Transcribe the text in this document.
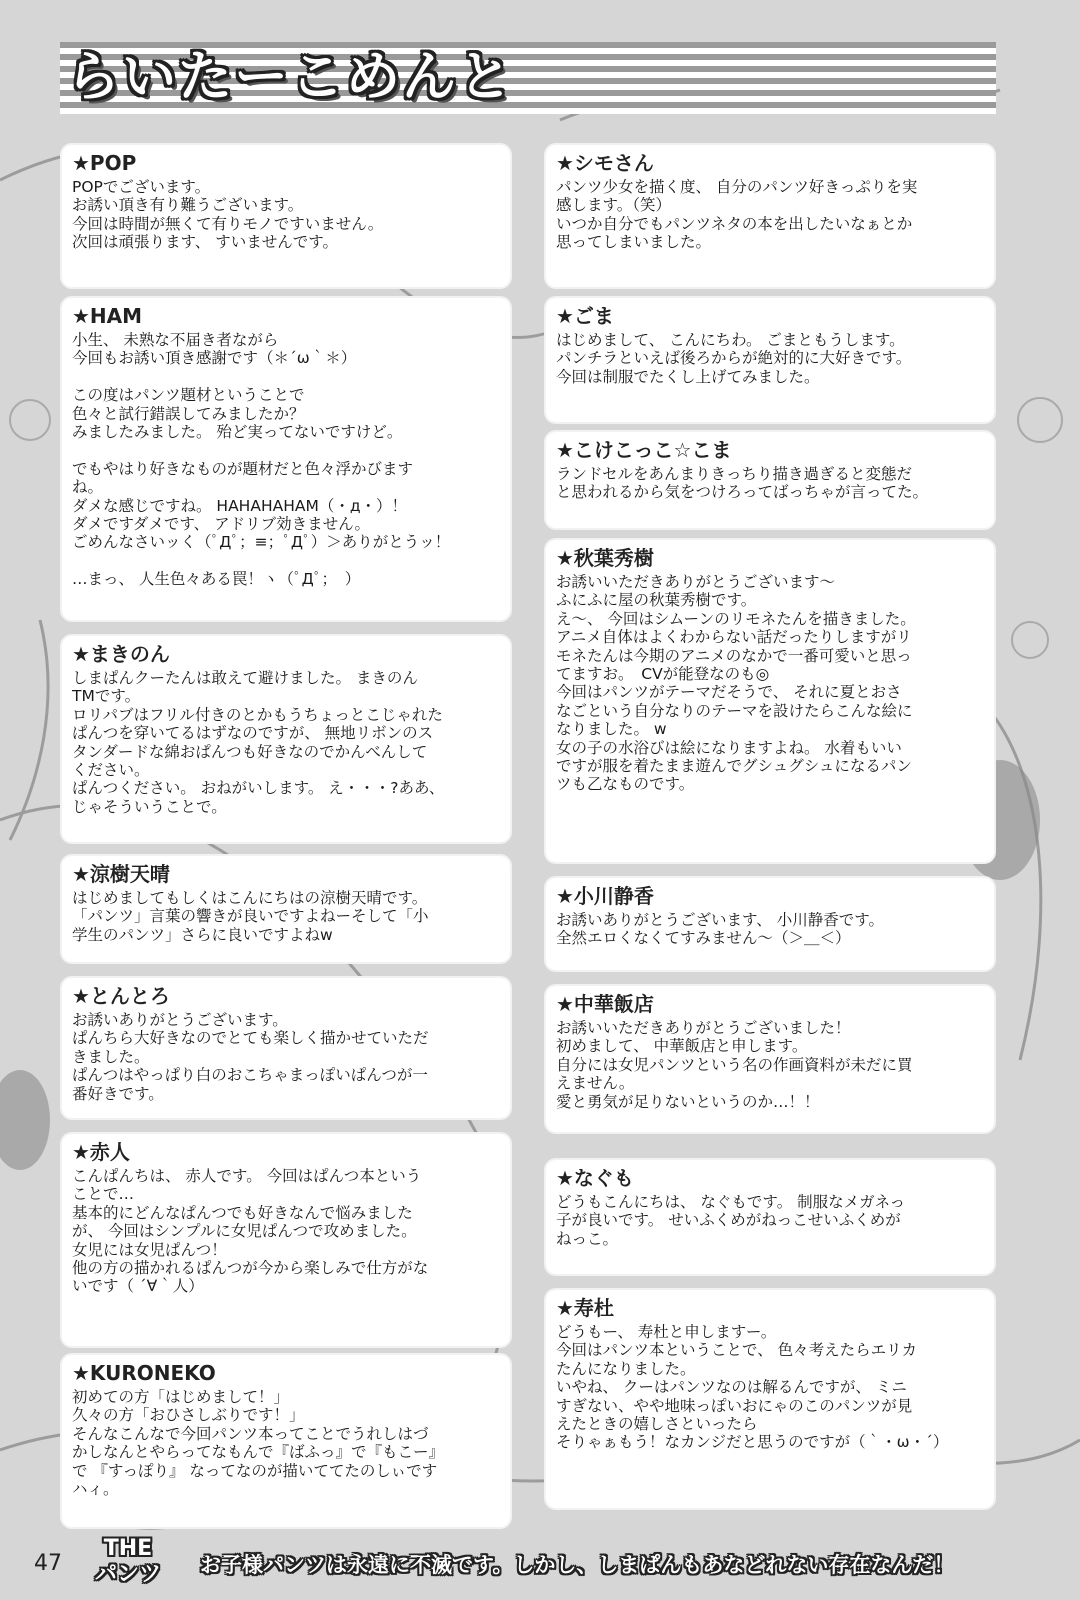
らいたーこめんと
★POP

POPでございます。
お誘い頂き有り難うございます。
今回は時間が無くて有りモノですいません。
次回は頑張ります、 すいませんです。

★HAM

小生、 未熟な不届き者ながら
今回もお誘い頂き感謝です（＊´ω｀＊）

この度はパンツ題材ということで
色々と試行錯誤してみましたか？
みましたみました。 殆ど実ってないですけど。

でもやはり好きなものが題材だと色々浮かびます
ね。
ダメな感じですね。 HAHAHAHAM（・д・）！
ダメですダメです、 アドリブ効きません。
ごめんなさいッく（ﾟДﾟ；≡；ﾟДﾟ）＞ありがとうッ！

…まっ、 人生色々ある罠！ヽ（ﾟДﾟ；　）

★まきのん

しまぱんクーたんは敢えて避けました。 まきのん
TMです。
ロリパブはフリル付きのとかもうちょっとこじゃれた
ぱんつを穿いてるはずなのですが、 無地リボンのス
タンダードな綿おぱんつも好きなのでかんべんして
ください。
ぱんつください。 おねがいします。 え・・・?ああ、
じゃそういうことで。

★涼樹天晴

はじめましてもしくはこんにちはの涼樹天晴です。
「パンツ」言葉の響きが良いですよねーそして「小
学生のパンツ」さらに良いですよねw

★とんとろ

お誘いありがとうございます。
ぱんちら大好きなのでとても楽しく描かせていただ
きました。
ぱんつはやっぱり白のおこちゃまっぽいぱんつが一
番好きです。

★赤人

こんぱんちは、 赤人です。 今回はぱんつ本という
ことで…
基本的にどんなぱんつでも好きなんで悩みました
が、 今回はシンプルに女児ぱんつで攻めました。
女児には女児ぱんつ！
他の方の描かれるぱんつが今から楽しみで仕方がな
いです（ ´∀｀人）

★KURONEKO

初めての方「はじめまして！」
久々の方「おひさしぶりです！」
そんなこんなで今回パンツ本ってことでうれしはづ
かしなんとやらってなもんで『ばふっ』で『もこー』
で 『すっぽり』 なってなのが描いててたのしぃです
ハィ。

★シモさん

パンツ少女を描く度、 自分のパンツ好きっぷりを実
感します。（笑）
いつか自分でもパンツネタの本を出したいなぁとか
思ってしまいました。

★ごま

はじめまして、 こんにちわ。 ごまともうします。
パンチラといえば後ろからが絶対的に大好きです。
今回は制服でたくし上げてみました。

★こけこっこ☆こま

ランドセルをあんまりきっちり描き過ぎると変態だ
と思われるから気をつけろってばっちゃが言ってた。

★秋葉秀樹

お誘いいただきありがとうございます～
ふにふに屋の秋葉秀樹です。
え～、 今回はシムーンのリモネたんを描きました。
アニメ自体はよくわからない話だったりしますがリ
モネたんは今期のアニメのなかで一番可愛いと思っ
てますお。　CVが能登なのも◎
今回はパンツがテーマだそうで、 それに夏とおさ
なごという自分なりのテーマを設けたらこんな絵に
なりました。 w
女の子の水浴びは絵になりますよね。 水着もいい
ですが服を着たまま遊んでグシュグシュになるパン
ツも乙なものです。

★小川静香

お誘いありがとうございます、 小川静香です。
全然エロくなくてすみません～（＞＿＜）

★中華飯店

お誘いいただきありがとうございました！
初めまして、 中華飯店と申します。
自分には女児パンツという名の作画資料が未だに買
えません。
愛と勇気が足りないというのか…！！

★なぐも

どうもこんにちは、 なぐもです。 制服なメガネっ
子が良いです。 せいふくめがねっこせいふくめが
ねっこ。

★寿杜

どうもー、 寿杜と申しますー。
今回はパンツ本ということで、 色々考えたらエリカ
たんになりました。
いやね、 クーはパンツなのは解るんですが、 ミニ
すぎない、やや地味っぽいおにゃのこのパンツが見
えたときの嬉しさといったら
そりゃぁもう！なカンジだと思うのですが（｀・ω・´）

47
THE
パンツ	お子様パンツは永遠に不滅です。しかし、しまぱんもあなどれない存在なんだ！
